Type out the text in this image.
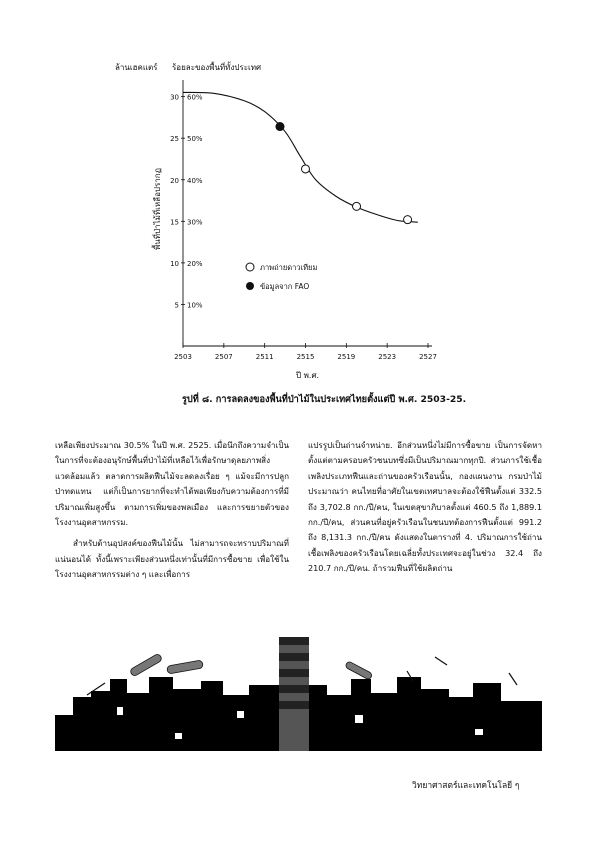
30 60%
25 50%
20 40%
15 30%
10 20%
5 10%
2503	2507	2511	2515	2519	2523	2527
ล้านเฮคแตร์ ร้อยละของพื้นที่ทั้งประเทศ
พื้นที่ป่าไม้ที่เหลือปรากฏ
ปี พ.ศ.
ภาพถ่ายดาวเทียม
ข้อมูลจาก FAO
รูปที่ ๘. การลดลงของพื้นที่ป่าไม้ในประเทศไทยตั้งแต่ปี พ.ศ. 2503-25.

เหลือเพียงประมาณ 30.5% ในปี พ.ศ. 2525. เมื่อนึกถึงความจำเป็นในการที่จะต้องอนุรักษ์พื้นที่ป่าไม้ที่เหลือไว้เพื่อรักษาดุลยภาพสิ่งแวดล้อมแล้ว ตลาดการผลิตฟืนไม้จะลดลงเรื่อย ๆ แม้จะมีการปลูกป่าทดแทน แต่ก็เป็นการยากที่จะทำได้พอเพียงกับความต้องการที่มีปริมาณเพิ่มสูงขึ้น ตามการเพิ่มของพลเมือง และการขยายตัวของโรงงานอุตสาหกรรม.

สำหรับด้านอุปสงค์ของฟืนไม้นั้น ไม่สามารถจะทราบปริมาณที่แน่นอนได้ ทั้งนี้เพราะเพียงส่วนหนึ่งเท่านั้นที่มีการซื้อขาย เพื่อใช้ในโรงงานอุตสาหกรรมต่าง ๆ และเพื่อการ

แปรรูปเป็นถ่านจำหน่าย. อีกส่วนหนึ่งไม่มีการซื้อขาย เป็นการจัดหาตั้งแต่ตามครอบครัวชนบทซึ่งมีเป็นปริมาณมากทุกปี. ส่วนการใช้เชื้อเพลิงประเภทฟืนและถ่านของครัวเรือนนั้น, กองแผนงาน กรมป่าไม้ ประมาณว่า คนไทยที่อาศัยในเขตเทศบาลจะต้องใช้ฟืนตั้งแต่ 332.5 ถึง 3,702.8 กก./ปี/คน, ในเขตสุขาภิบาลตั้งแต่ 460.5 ถึง 1,889.1 กก./ปี/คน, ส่วนคนที่อยู่ครัวเรือนในชนบทต้องการฟืนตั้งแต่ 991.2 ถึง 8,131.3 กก./ปี/คน ดังแสดงในตารางที่ 4. ปริมาณการใช้ถ่านเชื้อเพลิงของครัวเรือนโดยเฉลี่ยทั้งประเทศจะอยู่ในช่วง 32.4 ถึง 210.7 กก./ปี/คน. ถ้ารวมฟืนที่ใช้ผลิตถ่าน

วิทยาศาสตร์และเทคโนโลยี ๆ
